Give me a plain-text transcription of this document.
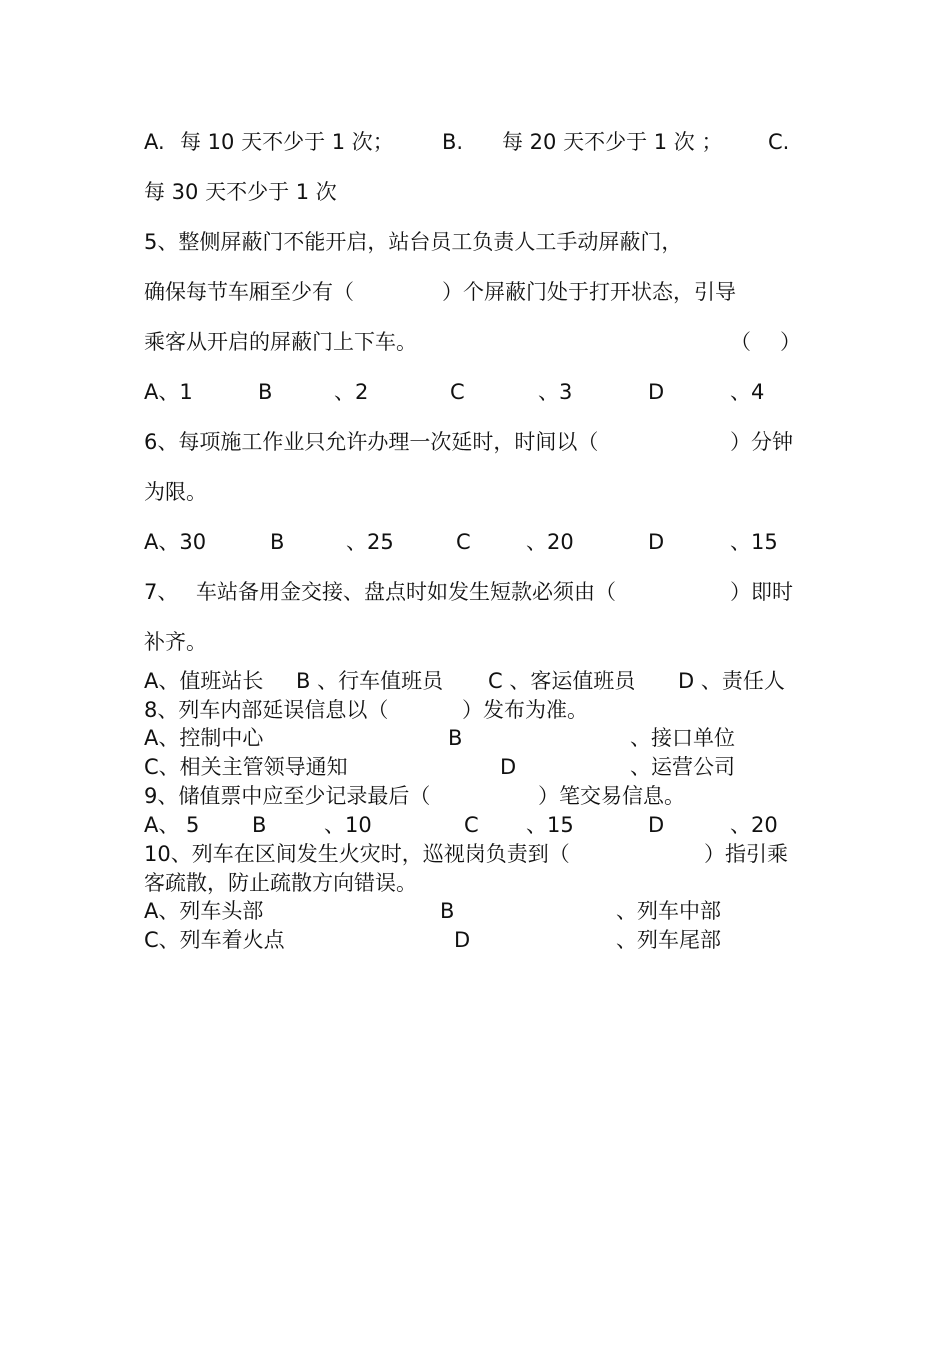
A. 每 10 天不少于 1 次； B. 每 20 天不少于 1 次 ； C.
每 30 天不少于 1 次
5、整侧屏蔽门不能开启，站台员工负责人工手动屏蔽门，
确保每节车厢至少有（	）个屏蔽门处于打开状态，引导
乘客从开启的屏蔽门上下车。	（ ）
A、1	B	、2	C	、3	D	、4
6、每项施工作业只允许办理一次延时，时间以（	）分钟
为限。
A、30	B	、25	C	、20	D	、15
7、 车站备用金交接、盘点时如发生短款必须由（	）即时
补齐。
A、值班站长 B 、行车值班员 C 、客运值班员 D 、责任人
8、列车内部延误信息以（	）发布为准。
A、控制中心	B	、接口单位
C、相关主管领导通知	D	、运营公司
9、储值票中应至少记录最后（	）笔交易信息。
A、 5	B	、10	C 、15	D	、20
10、列车在区间发生火灾时，巡视岗负责到（	）指引乘
客疏散，防止疏散方向错误。
A、列车头部	B	、列车中部
C、列车着火点	D	、列车尾部
